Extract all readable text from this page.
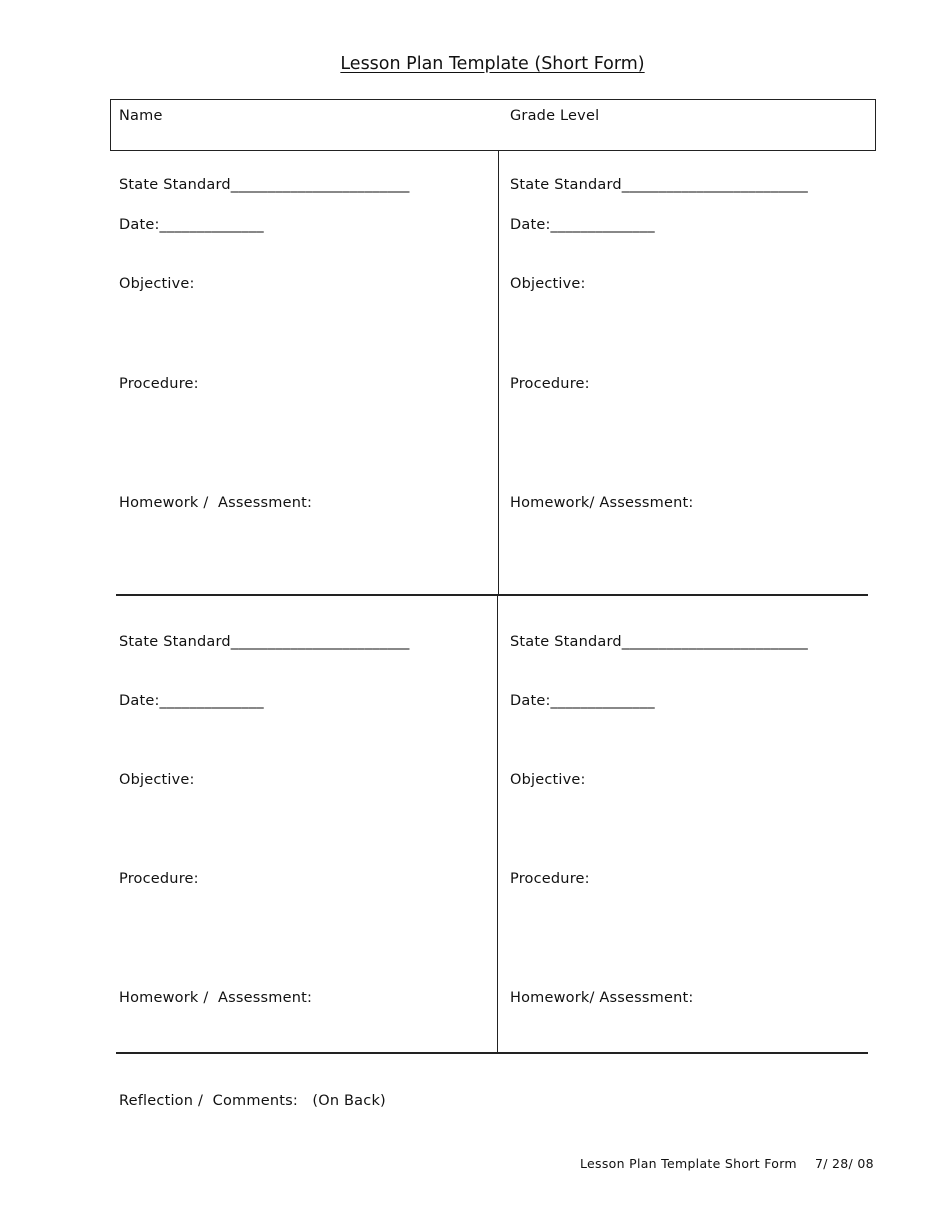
Lesson Plan Template (Short Form)
Name	Grade Level
State Standard________________________
Date:______________
Objective:
Procedure:
Homework /  Assessment:
State Standard_________________________
Date:______________
Objective:
Procedure:
Homework/ Assessment:
State Standard________________________
Date:______________
Objective:
Procedure:
Homework /  Assessment:
State Standard_________________________
Date:______________
Objective:
Procedure:
Homework/ Assessment:
Reflection /  Comments:   (On Back)
Lesson Plan Template Short Form 7/ 28/ 08
